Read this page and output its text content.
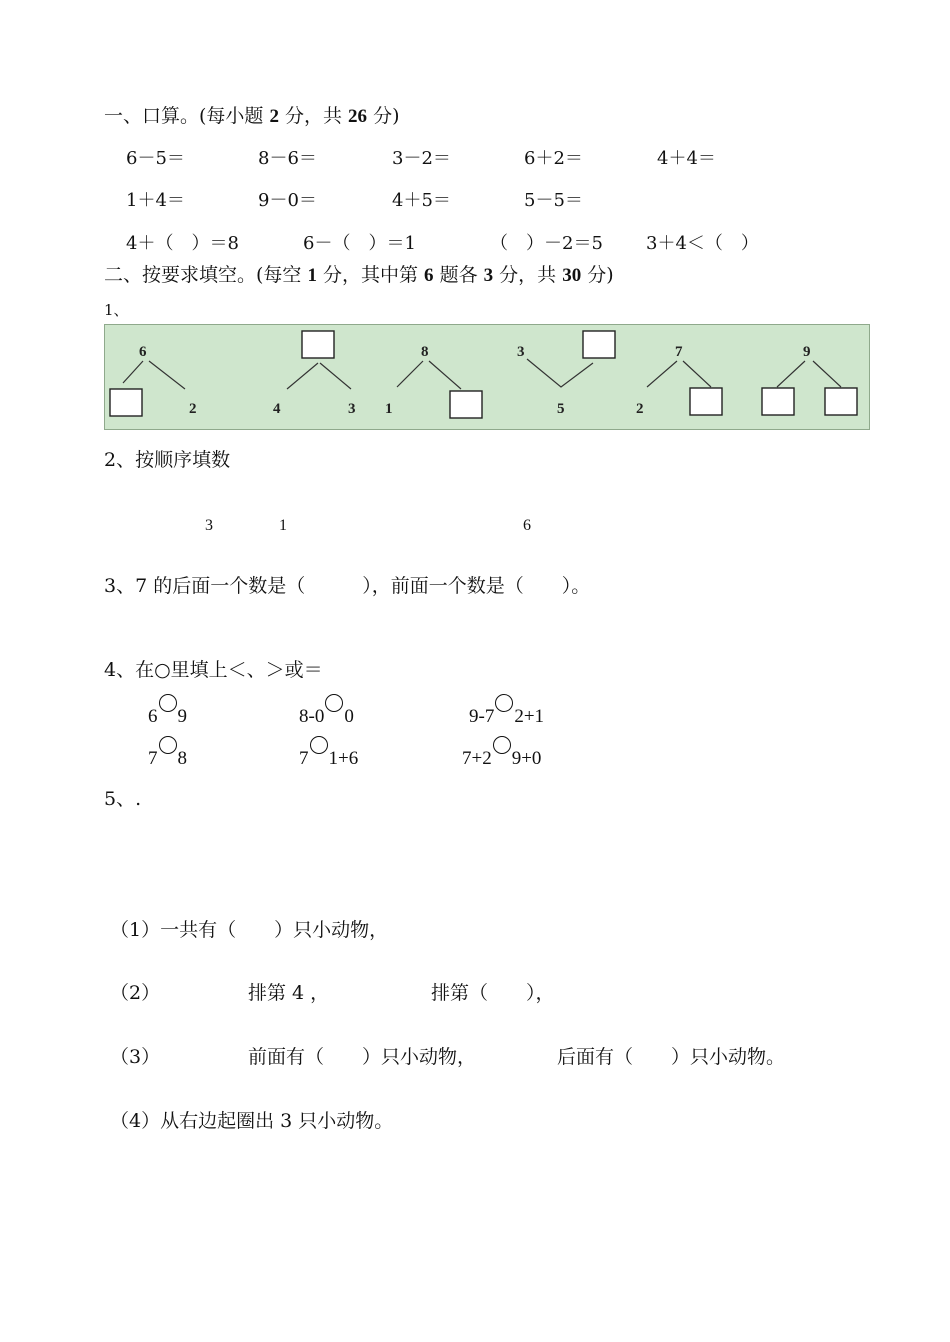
一、口算。(每小题 2 分，共 26 分)
6－5＝	8－6＝	3－2＝	6＋2＝	4＋4＝
1＋4＝	9－0＝	4＋5＝	5－5＝
4＋（　）＝8	6－（　）＝1	（　）－2＝5 3＋4＜（　）
二、按要求填空。(每空 1 分，其中第 6 题各 3 分，共 30 分)
1、
6
2	4	3
8
1
3
5
7
2
9
2、按顺序填数
3	1	6
3、7 的后面一个数是（　　　），前面一个数是（　　）。
4、在○里填上＜、＞或＝
6 9	8-0 0	9-7 2+1
7 8	7 1+6	7+2 9+0
5、.
（1）一共有（　　）只小动物，
（2）	排第 4 ，	排第（　　），
（3）	前面有（　　）只小动物，	后面有（　　）只小动物。
（4）从右边起圈出 3 只小动物。
